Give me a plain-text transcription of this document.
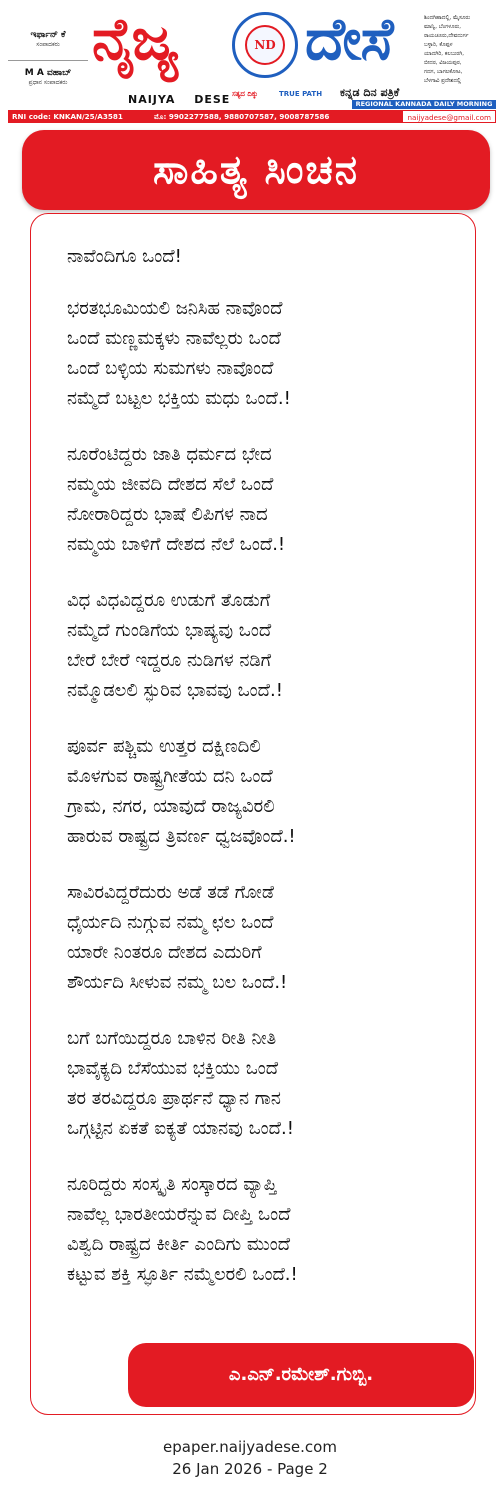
ಇರ್ಫಾನ್ ಕೆ
ಸಂಪಾದಕರು
M A ವಹಾಬ್
ಪ್ರಧಾನ ಸಂಪಾದಕರು
ನೈಜ್ಯ	ND ದೇಸೆ
NAIJYA DESE ಸತ್ಯದ ದಿಕ್ಕು	TRUE PATH ಕನ್ನಡ ದಿನ ಪತ್ರಿಕೆ
ಶಿಂದಗಿಹಾದಲ್ಲಿ, ಮೈಸೂರು
ಮಾನ್ವಿ, ಬೆಂಗಳೂರು,
ರಾಯಚೂರು,ದೇವದುರ್ಗ
ಬಳ್ಳಾರಿ, ಕೊಪ್ಪಳ
ಯಾದಗಿರಿ, ಕಲಬುರಗಿ,
ಬೀದರ, ವಿಜಯಪುರ,
ಗದಗ, ಬಾಗಲಕೋಟ,
ಬೆಳಗಾವಿ ಪ್ರದೇಶದಲ್ಲಿ
REGIONAL KANNADA DAILY MORNING
RNI code: KNKAN/25/A3581	ಮೊ: 9902277588, 9880707587, 9008787586	naijyadese@gmail.com
ಸಾಹಿತ್ಯ ಸಿಂಚನ
ನಾವೆಂದಿಗೂ ಒಂದೆ!
ಭರತಭೂಮಿಯಲಿ ಜನಿಸಿಹ ನಾವೊಂದೆ
ಒಂದೆ ಮಣ್ಣಮಕ್ಕಳು ನಾವೆಲ್ಲರು ಒಂದೆ
ಒಂದೆ ಬಳ್ಳಿಯ ಸುಮಗಳು ನಾವೊಂದೆ
ನಮ್ಮೆದೆ ಬಟ್ಟಲ ಭಕ್ತಿಯ ಮಧು ಒಂದೆ.!
ನೂರೆಂಟಿದ್ದರು ಜಾತಿ ಧರ್ಮದ ಭೇದ
ನಮ್ಮಯ ಜೀವದಿ ದೇಶದ ಸೆಲೆ ಒಂದೆ
ನೋರಾರಿದ್ದರು ಭಾಷೆ ಲಿಪಿಗಳ ನಾದ
ನಮ್ಮಯ ಬಾಳಿಗೆ ದೇಶದ ನೆಲೆ ಒಂದೆ.!
ವಿಧ ವಿಧವಿದ್ದರೂ ಉಡುಗೆ ತೊಡುಗೆ
ನಮ್ಮೆದೆ ಗುಂಡಿಗೆಯ ಭಾಷ್ಯವು ಒಂದೆ
ಬೇರೆ ಬೇರೆ ಇದ್ದರೂ ನುಡಿಗಳ ನಡಿಗೆ
ನಮ್ಮೊಡಲಲಿ ಸ್ಫುರಿವ ಭಾವವು ಒಂದೆ.!
ಪೂರ್ವ ಪಶ್ಚಿಮ ಉತ್ತರ ದಕ್ಷಿಣದಿಲಿ
ಮೊಳಗುವ ರಾಷ್ಟ್ರಗೀತೆಯ ದನಿ ಒಂದೆ
ಗ್ರಾಮ, ನಗರ, ಯಾವುದೆ ರಾಜ್ಯವಿರಲಿ
ಹಾರುವ ರಾಷ್ಟ್ರದ ತ್ರಿವರ್ಣ ಧ್ವಜವೊಂದೆ.!
ಸಾವಿರವಿದ್ದರೆದುರು ಅಡೆ ತಡೆ ಗೋಡೆ
ಧೈರ್ಯದಿ ನುಗ್ಗುವ ನಮ್ಮ ಛಲ ಒಂದೆ
ಯಾರೇ ನಿಂತರೂ ದೇಶದ ಎದುರಿಗೆ
ಶೌರ್ಯದಿ ಸೀಳುವ ನಮ್ಮ ಬಲ ಒಂದೆ.!
ಬಗೆ ಬಗೆಯಿದ್ದರೂ ಬಾಳಿನ ರೀತಿ ನೀತಿ
ಭಾವೈಕ್ಯದಿ ಬೆಸೆಯುವ ಭಕ್ತಿಯು ಒಂದೆ
ತರ ತರವಿದ್ದರೂ ಪ್ರಾರ್ಥನೆ ಧ್ಯಾನ ಗಾನ
ಒಗ್ಗಟ್ಟಿನ ಏಕತೆ ಐಕ್ಯತೆ ಯಾನವು ಒಂದೆ.!
ನೂರಿದ್ದರು ಸಂಸ್ಕೃತಿ ಸಂಸ್ಕಾರದ ವ್ಯಾಪ್ತಿ
ನಾವೆಲ್ಲ ಭಾರತೀಯರೆನ್ನುವ ದೀಪ್ತಿ ಒಂದೆ
ವಿಶ್ವದಿ ರಾಷ್ಟ್ರದ ಕೀರ್ತಿ ಎಂದಿಗು ಮುಂದೆ
ಕಟ್ಟುವ ಶಕ್ತಿ ಸ್ಫೂರ್ತಿ ನಮ್ಮೆಲರಲಿ ಒಂದೆ.!
ಎ.ಎನ್.ರಮೇಶ್.ಗುಬ್ಬಿ.
epaper.naijyadese.com
26 Jan 2026 - Page 2
